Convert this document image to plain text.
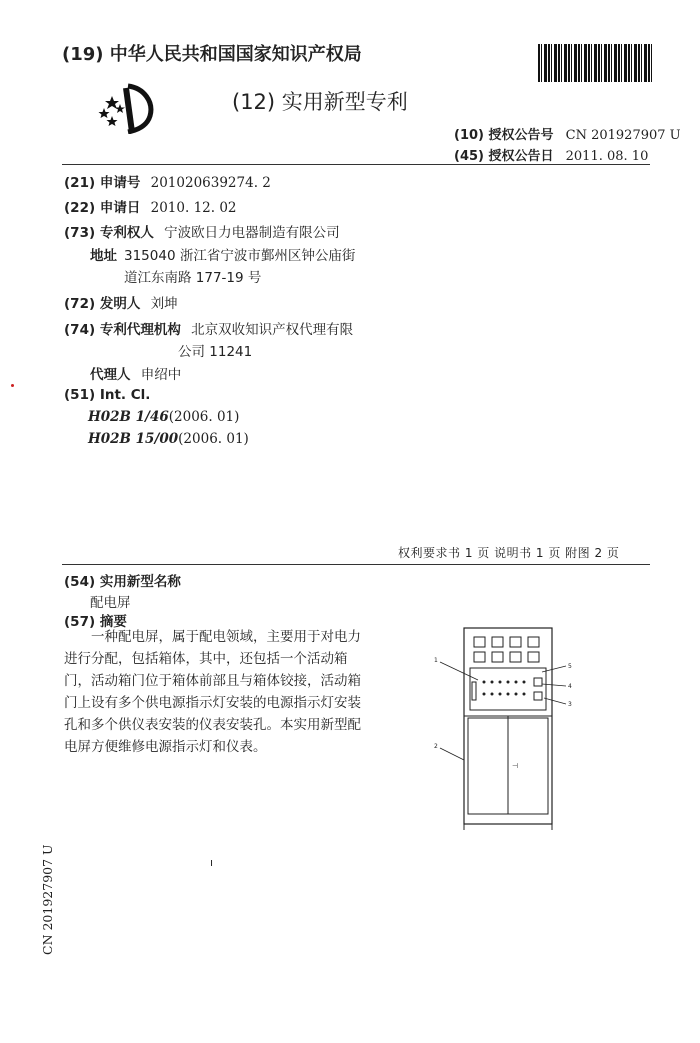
(19) 中华人民共和国国家知识产权局
(12) 实用新型专利
(10) 授权公告号 CN 201927907 U
(45) 授权公告日 2011. 08. 10
(21) 申请号 201020639274. 2
(22) 申请日 2010. 12. 02
(73) 专利权人 宁波欧日力电器制造有限公司
地址 315040 浙江省宁波市鄞州区钟公庙街
道江东南路 177-19 号
(72) 发明人 刘坤
(74) 专利代理机构 北京双收知识产权代理有限
公司 11241
代理人 申绍中
(51) Int. Cl.
H02B 1/46(2006. 01)
H02B 15/00(2006. 01)
权利要求书 1 页 说明书 1 页 附图 2 页
(54) 实用新型名称
配电屏
(57) 摘要
一种配电屏，属于配电领域，主要用于对电力进行分配，包括箱体，其中，还包括一个活动箱门，活动箱门位于箱体前部且与箱体铰接，活动箱门上设有多个供电源指示灯安装的电源指示灯安装孔和多个供仪表安装的仪表安装孔。本实用新型配电屏方便维修电源指示灯和仪表。
⊣
1
2
5
4
3
ı
CN 201927907 U
